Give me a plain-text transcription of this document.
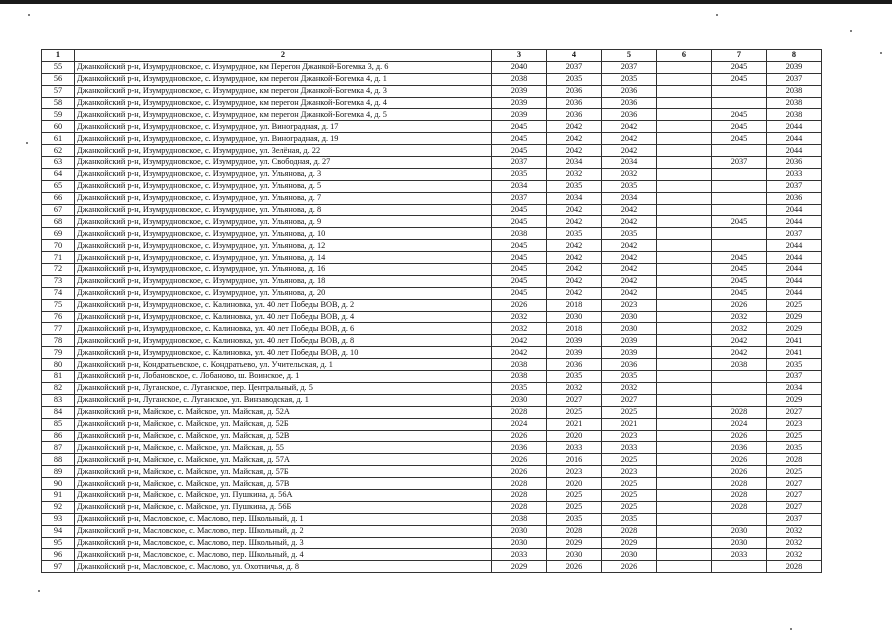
1	2	3	4	5	6	7	8
55	Джанкойский р-н, Изумрудновское, с. Изумрудное, км Перегон Джанкой-Богемка 3, д. 6	2040	2037	2037		2045	2039
56	Джанкойский р-н, Изумрудновское, с. Изумрудное, км перегон Джанкой-Богемка 4, д. 1	2038	2035	2035		2045	2037
57	Джанкойский р-н, Изумрудновское, с. Изумрудное, км перегон Джанкой-Богемка 4, д. 3	2039	2036	2036			2038
58	Джанкойский р-н, Изумрудновское, с. Изумрудное, км перегон Джанкой-Богемка 4, д. 4	2039	2036	2036			2038
59	Джанкойский р-н, Изумрудновское, с. Изумрудное, км перегон Джанкой-Богемка 4, д. 5	2039	2036	2036		2045	2038
60	Джанкойский р-н, Изумрудновское, с. Изумрудное, ул. Виноградная, д. 17	2045	2042	2042		2045	2044
61	Джанкойский р-н, Изумрудновское, с. Изумрудное, ул. Виноградная, д. 19	2045	2042	2042		2045	2044
62	Джанкойский р-н, Изумрудновское, с. Изумрудное, ул. Зелёная, д. 22	2045	2042	2042			2044
63	Джанкойский р-н, Изумрудновское, с. Изумрудное, ул. Свободная, д. 27	2037	2034	2034		2037	2036
64	Джанкойский р-н, Изумрудновское, с. Изумрудное, ул. Ульянова, д. 3	2035	2032	2032			2033
65	Джанкойский р-н, Изумрудновское, с. Изумрудное, ул. Ульянова, д. 5	2034	2035	2035			2037
66	Джанкойский р-н, Изумрудновское, с. Изумрудное, ул. Ульянова, д. 7	2037	2034	2034			2036
67	Джанкойский р-н, Изумрудновское, с. Изумрудное, ул. Ульянова, д. 8	2045	2042	2042			2044
68	Джанкойский р-н, Изумрудновское, с. Изумрудное, ул. Ульянова, д. 9	2045	2042	2042		2045	2044
69	Джанкойский р-н, Изумрудновское, с. Изумрудное, ул. Ульянова, д. 10	2038	2035	2035			2037
70	Джанкойский р-н, Изумрудновское, с. Изумрудное, ул. Ульянова, д. 12	2045	2042	2042			2044
71	Джанкойский р-н, Изумрудновское, с. Изумрудное, ул. Ульянова, д. 14	2045	2042	2042		2045	2044
72	Джанкойский р-н, Изумрудновское, с. Изумрудное, ул. Ульянова, д. 16	2045	2042	2042		2045	2044
73	Джанкойский р-н, Изумрудновское, с. Изумрудное, ул. Ульянова, д. 18	2045	2042	2042		2045	2044
74	Джанкойский р-н, Изумрудновское, с. Изумрудное, ул. Ульянова, д. 20	2045	2042	2042		2045	2044
75	Джанкойский р-н, Изумрудновское, с. Калиновка, ул. 40 лет Победы ВОВ, д. 2	2026	2018	2023		2026	2025
76	Джанкойский р-н, Изумрудновское, с. Калиновка, ул. 40 лет Победы ВОВ, д. 4	2032	2030	2030		2032	2029
77	Джанкойский р-н, Изумрудновское, с. Калиновка, ул. 40 лет Победы ВОВ, д. 6	2032	2018	2030		2032	2029
78	Джанкойский р-н, Изумрудновское, с. Калиновка, ул. 40 лет Победы ВОВ, д. 8	2042	2039	2039		2042	2041
79	Джанкойский р-н, Изумрудновское, с. Калиновка, ул. 40 лет Победы ВОВ, д. 10	2042	2039	2039		2042	2041
80	Джанкойский р-н, Кондратьевское, с. Кондратьево, ул. Учительская, д. 1	2038	2036	2036		2038	2035
81	Джанкойский р-н, Лобановское, с. Лобаново, ш. Воинское, д. 1	2038	2035	2035			2037
82	Джанкойский р-н, Луганское, с. Луганское, пер. Центральный, д. 5	2035	2032	2032			2034
83	Джанкойский р-н, Луганское, с. Луганское, ул. Винзаводская, д. 1	2030	2027	2027			2029
84	Джанкойский р-н, Майское, с. Майское, ул. Майская, д. 52А	2028	2025	2025		2028	2027
85	Джанкойский р-н, Майское, с. Майское, ул. Майская, д. 52Б	2024	2021	2021		2024	2023
86	Джанкойский р-н, Майское, с. Майское, ул. Майская, д. 52В	2026	2020	2023		2026	2025
87	Джанкойский р-н, Майское, с. Майское, ул. Майская, д. 55	2036	2033	2033		2036	2035
88	Джанкойский р-н, Майское, с. Майское, ул. Майская, д. 57А	2026	2016	2025		2026	2028
89	Джанкойский р-н, Майское, с. Майское, ул. Майская, д. 57Б	2026	2023	2023		2026	2025
90	Джанкойский р-н, Майское, с. Майское, ул. Майская, д. 57В	2028	2020	2025		2028	2027
91	Джанкойский р-н, Майское, с. Майское, ул. Пушкина, д. 56А	2028	2025	2025		2028	2027
92	Джанкойский р-н, Майское, с. Майское, ул. Пушкина, д. 56Б	2028	2025	2025		2028	2027
93	Джанкойский р-н, Масловское, с. Маслово, пер. Школьный, д. 1	2038	2035	2035			2037
94	Джанкойский р-н, Масловское, с. Маслово, пер. Школьный, д. 2	2030	2028	2028		2030	2032
95	Джанкойский р-н, Масловское, с. Маслово, пер. Школьный, д. 3	2030	2029	2029		2030	2032
96	Джанкойский р-н, Масловское, с. Маслово, пер. Школьный, д. 4	2033	2030	2030		2033	2032
97	Джанкойский р-н, Масловское, с. Маслово, ул. Охотничья, д. 8	2029	2026	2026			2028
